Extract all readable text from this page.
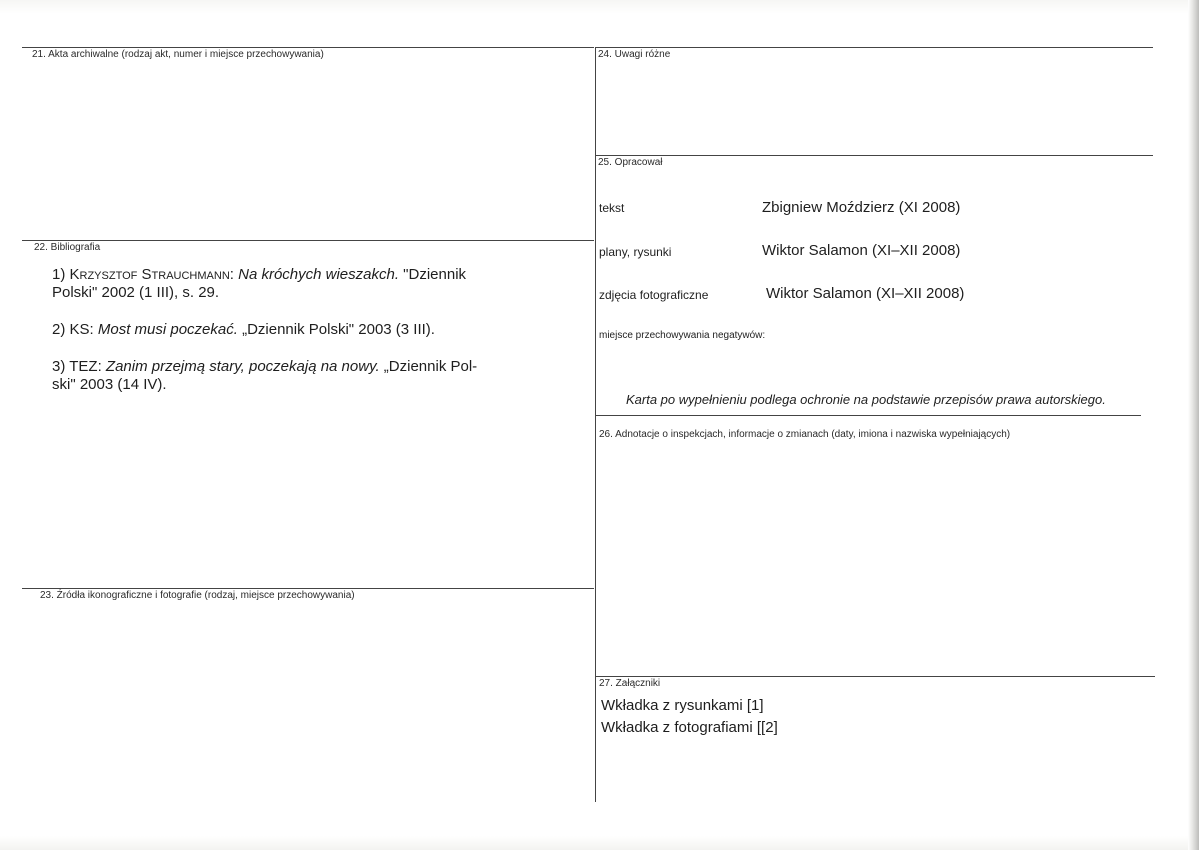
21. Akta archiwalne (rodzaj akt, numer i miejsce przechowywania)
22. Bibliografia
1) Krzysztof Strauchmann: Na króchych wieszakch. "Dziennik
Polski" 2002 (1 III), s. 29.
2) KS: Most musi poczekać. „Dziennik Polski" 2003 (3 III).
3) TEZ: Zanim przejmą stary, poczekają na nowy. „Dziennik Pol-
ski" 2003 (14 IV).
23. Źródła ikonograficzne i fotografie (rodzaj, miejsce przechowywania)
24. Uwagi różne
25. Opracował
tekst	Zbigniew Moździerz (XI 2008)
plany, rysunki	Wiktor Salamon (XI–XII 2008)
zdjęcia fotograficzne	Wiktor Salamon (XI–XII 2008)
miejsce przechowywania negatywów:
Karta po wypełnieniu podlega ochronie na podstawie przepisów prawa autorskiego.
26. Adnotacje o inspekcjach, informacje o zmianach (daty, imiona i nazwiska wypełniających)
27. Załączniki
Wkładka z rysunkami [1]
Wkładka z fotografiami [[2]
